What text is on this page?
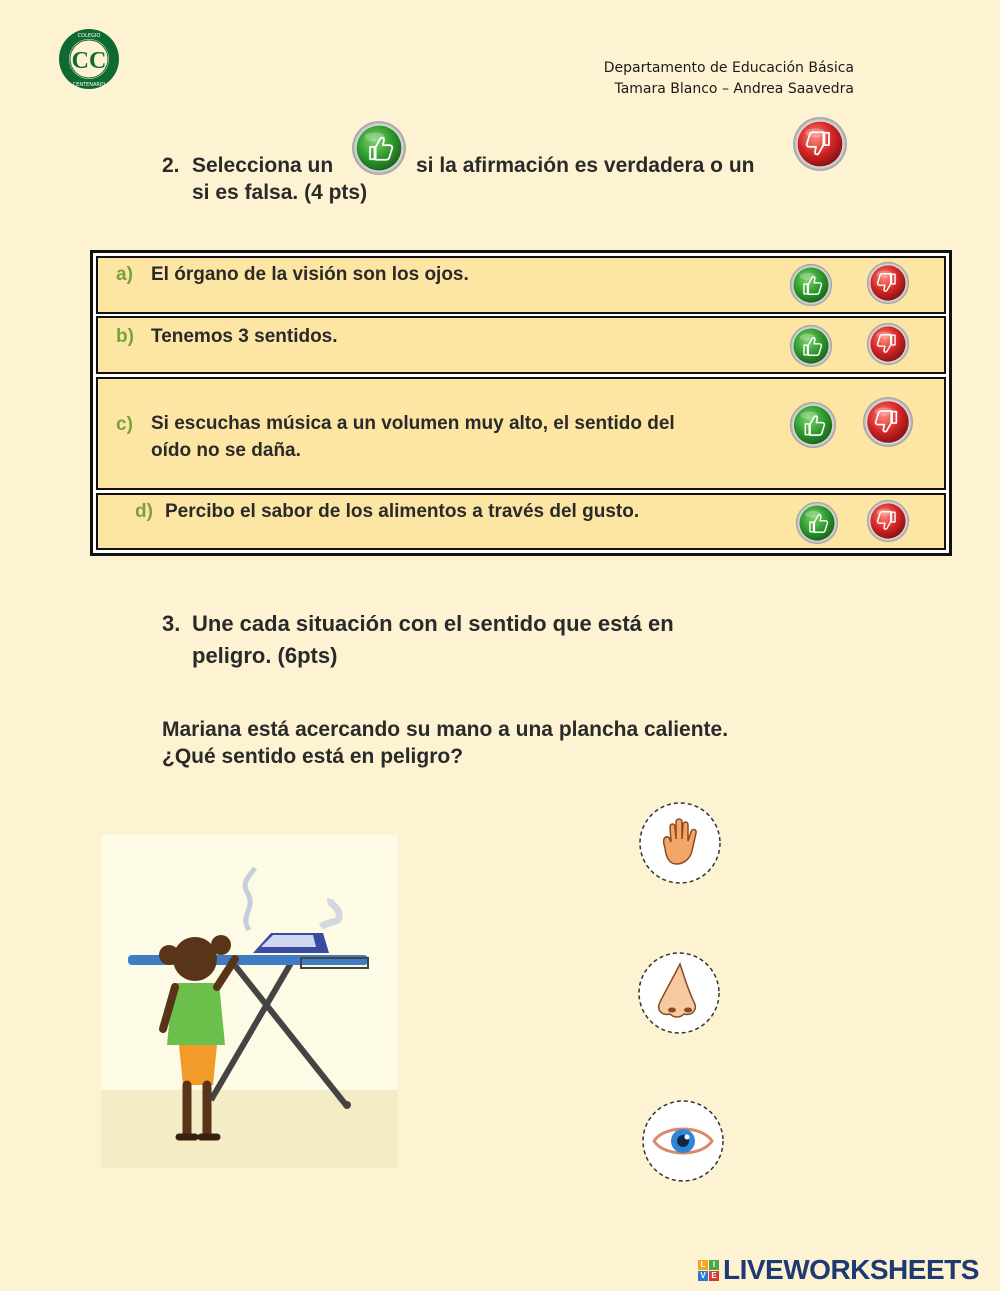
CC
COLEGIO
CENTENARIO
Departamento de Educación Básica
Tamara Blanco – Andrea Saavedra
2. Selecciona un	si la afirmación es verdadera o un
si es falsa. (4 pts)
a) El órgano de la visión son los ojos.
b) Tenemos 3 sentidos.
c) Si escuchas música a un volumen muy alto, el sentido del
oído no se daña.
d) Percibo el sabor de los alimentos a través del gusto.
3. Une cada situación con el sentido que está en
peligro. (6pts)
Mariana está acercando su mano a una plancha caliente.
¿Qué sentido está en peligro?
L I
V E LIVEWORKSHEETS
